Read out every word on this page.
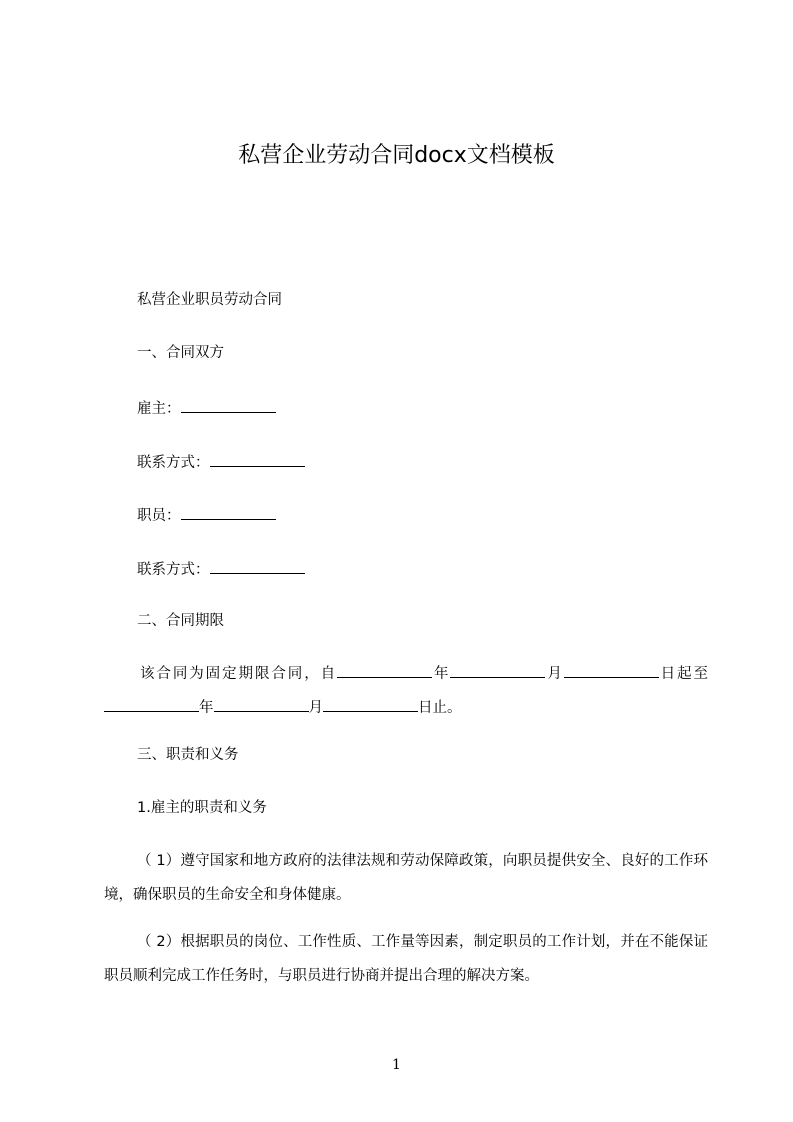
私营企业劳动合同docx文档模板
私营企业职员劳动合同
一、合同双方
雇主：
联系方式：
职员：
联系方式：
二、合同期限
该合同为固定期限合同，自	年	月	日起至年	月	日止。
三、职责和义务
1.雇主的职责和义务
（ 1）遵守国家和地方政府的法律法规和劳动保障政策，向职员提供安全、良好的工作环境，确保职员的生命安全和身体健康。
（ 2）根据职员的岗位、工作性质、工作量等因素，制定职员的工作计划，并在不能保证职员顺利完成工作任务时，与职员进行协商并提出合理的解决方案。
1
